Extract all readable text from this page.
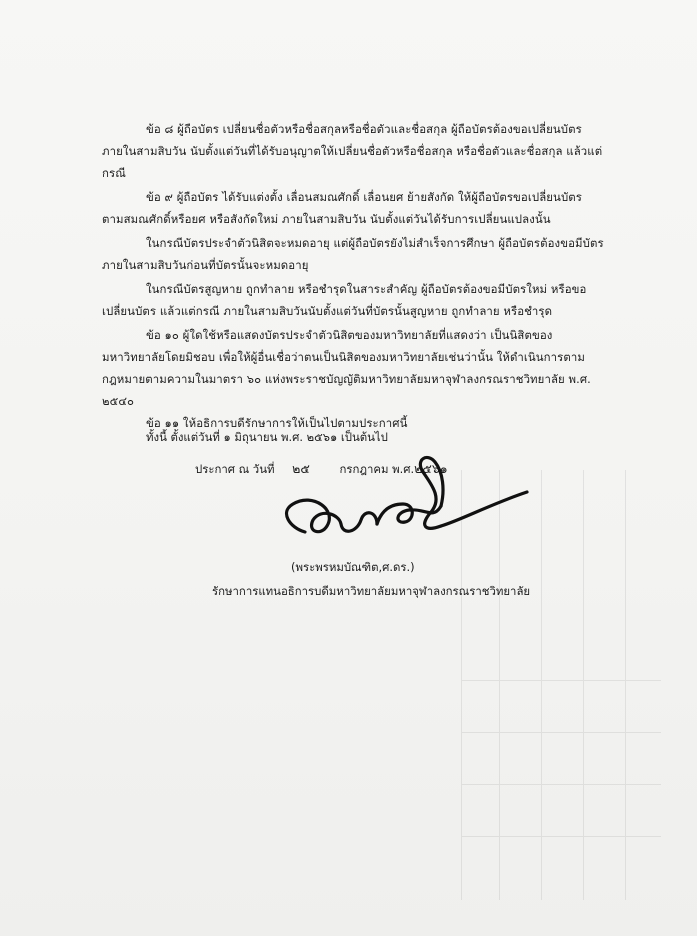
ข้อ ๘ ผู้ถือบัตร เปลี่ยนชื่อตัวหรือชื่อสกุลหรือชื่อตัวและชื่อสกุล ผู้ถือบัตรต้องขอเปลี่ยนบัตร
ภายในสามสิบวัน นับตั้งแต่วันที่ได้รับอนุญาตให้เปลี่ยนชื่อตัวหรือชื่อสกุล หรือชื่อตัวและชื่อสกุล แล้วแต่
กรณี
ข้อ ๙ ผู้ถือบัตร ได้รับแต่งตั้ง เลื่อนสมณศักดิ์ เลื่อนยศ ย้ายสังกัด ให้ผู้ถือบัตรขอเปลี่ยนบัตร
ตามสมณศักดิ์หรือยศ หรือสังกัดใหม่ ภายในสามสิบวัน นับตั้งแต่วันได้รับการเปลี่ยนแปลงนั้น
ในกรณีบัตรประจำตัวนิสิตจะหมดอายุ แต่ผู้ถือบัตรยังไม่สำเร็จการศึกษา ผู้ถือบัตรต้องขอมีบัตร
ภายในสามสิบวันก่อนที่บัตรนั้นจะหมดอายุ
ในกรณีบัตรสูญหาย ถูกทำลาย หรือชำรุดในสาระสำคัญ ผู้ถือบัตรต้องขอมีบัตรใหม่ หรือขอ
เปลี่ยนบัตร แล้วแต่กรณี ภายในสามสิบวันนับตั้งแต่วันที่บัตรนั้นสูญหาย ถูกทำลาย หรือชำรุด
ข้อ ๑๐ ผู้ใดใช้หรือแสดงบัตรประจำตัวนิสิตของมหาวิทยาลัยที่แสดงว่า เป็นนิสิตของ
มหาวิทยาลัยโดยมิชอบ เพื่อให้ผู้อื่นเชื่อว่าตนเป็นนิสิตของมหาวิทยาลัยเช่นว่านั้น ให้ดำเนินการตาม
กฎหมายตามความในมาตรา ๖๐ แห่งพระราชบัญญัติมหาวิทยาลัยมหาจุฬาลงกรณราชวิทยาลัย พ.ศ.
๒๕๔๐
ข้อ ๑๑ ให้อธิการบดีรักษาการให้เป็นไปตามประกาศนี้
ทั้งนี้ ตั้งแต่วันที่ ๑ มิถุนายน พ.ศ. ๒๕๖๑ เป็นต้นไป
ประกาศ ณ วันที่ ๒๕	กรกฎาคม พ.ศ.๒๕๖๑
(พระพรหมบัณฑิต,ศ.ดร.)
รักษาการแทนอธิการบดีมหาวิทยาลัยมหาจุฬาลงกรณราชวิทยาลัย
